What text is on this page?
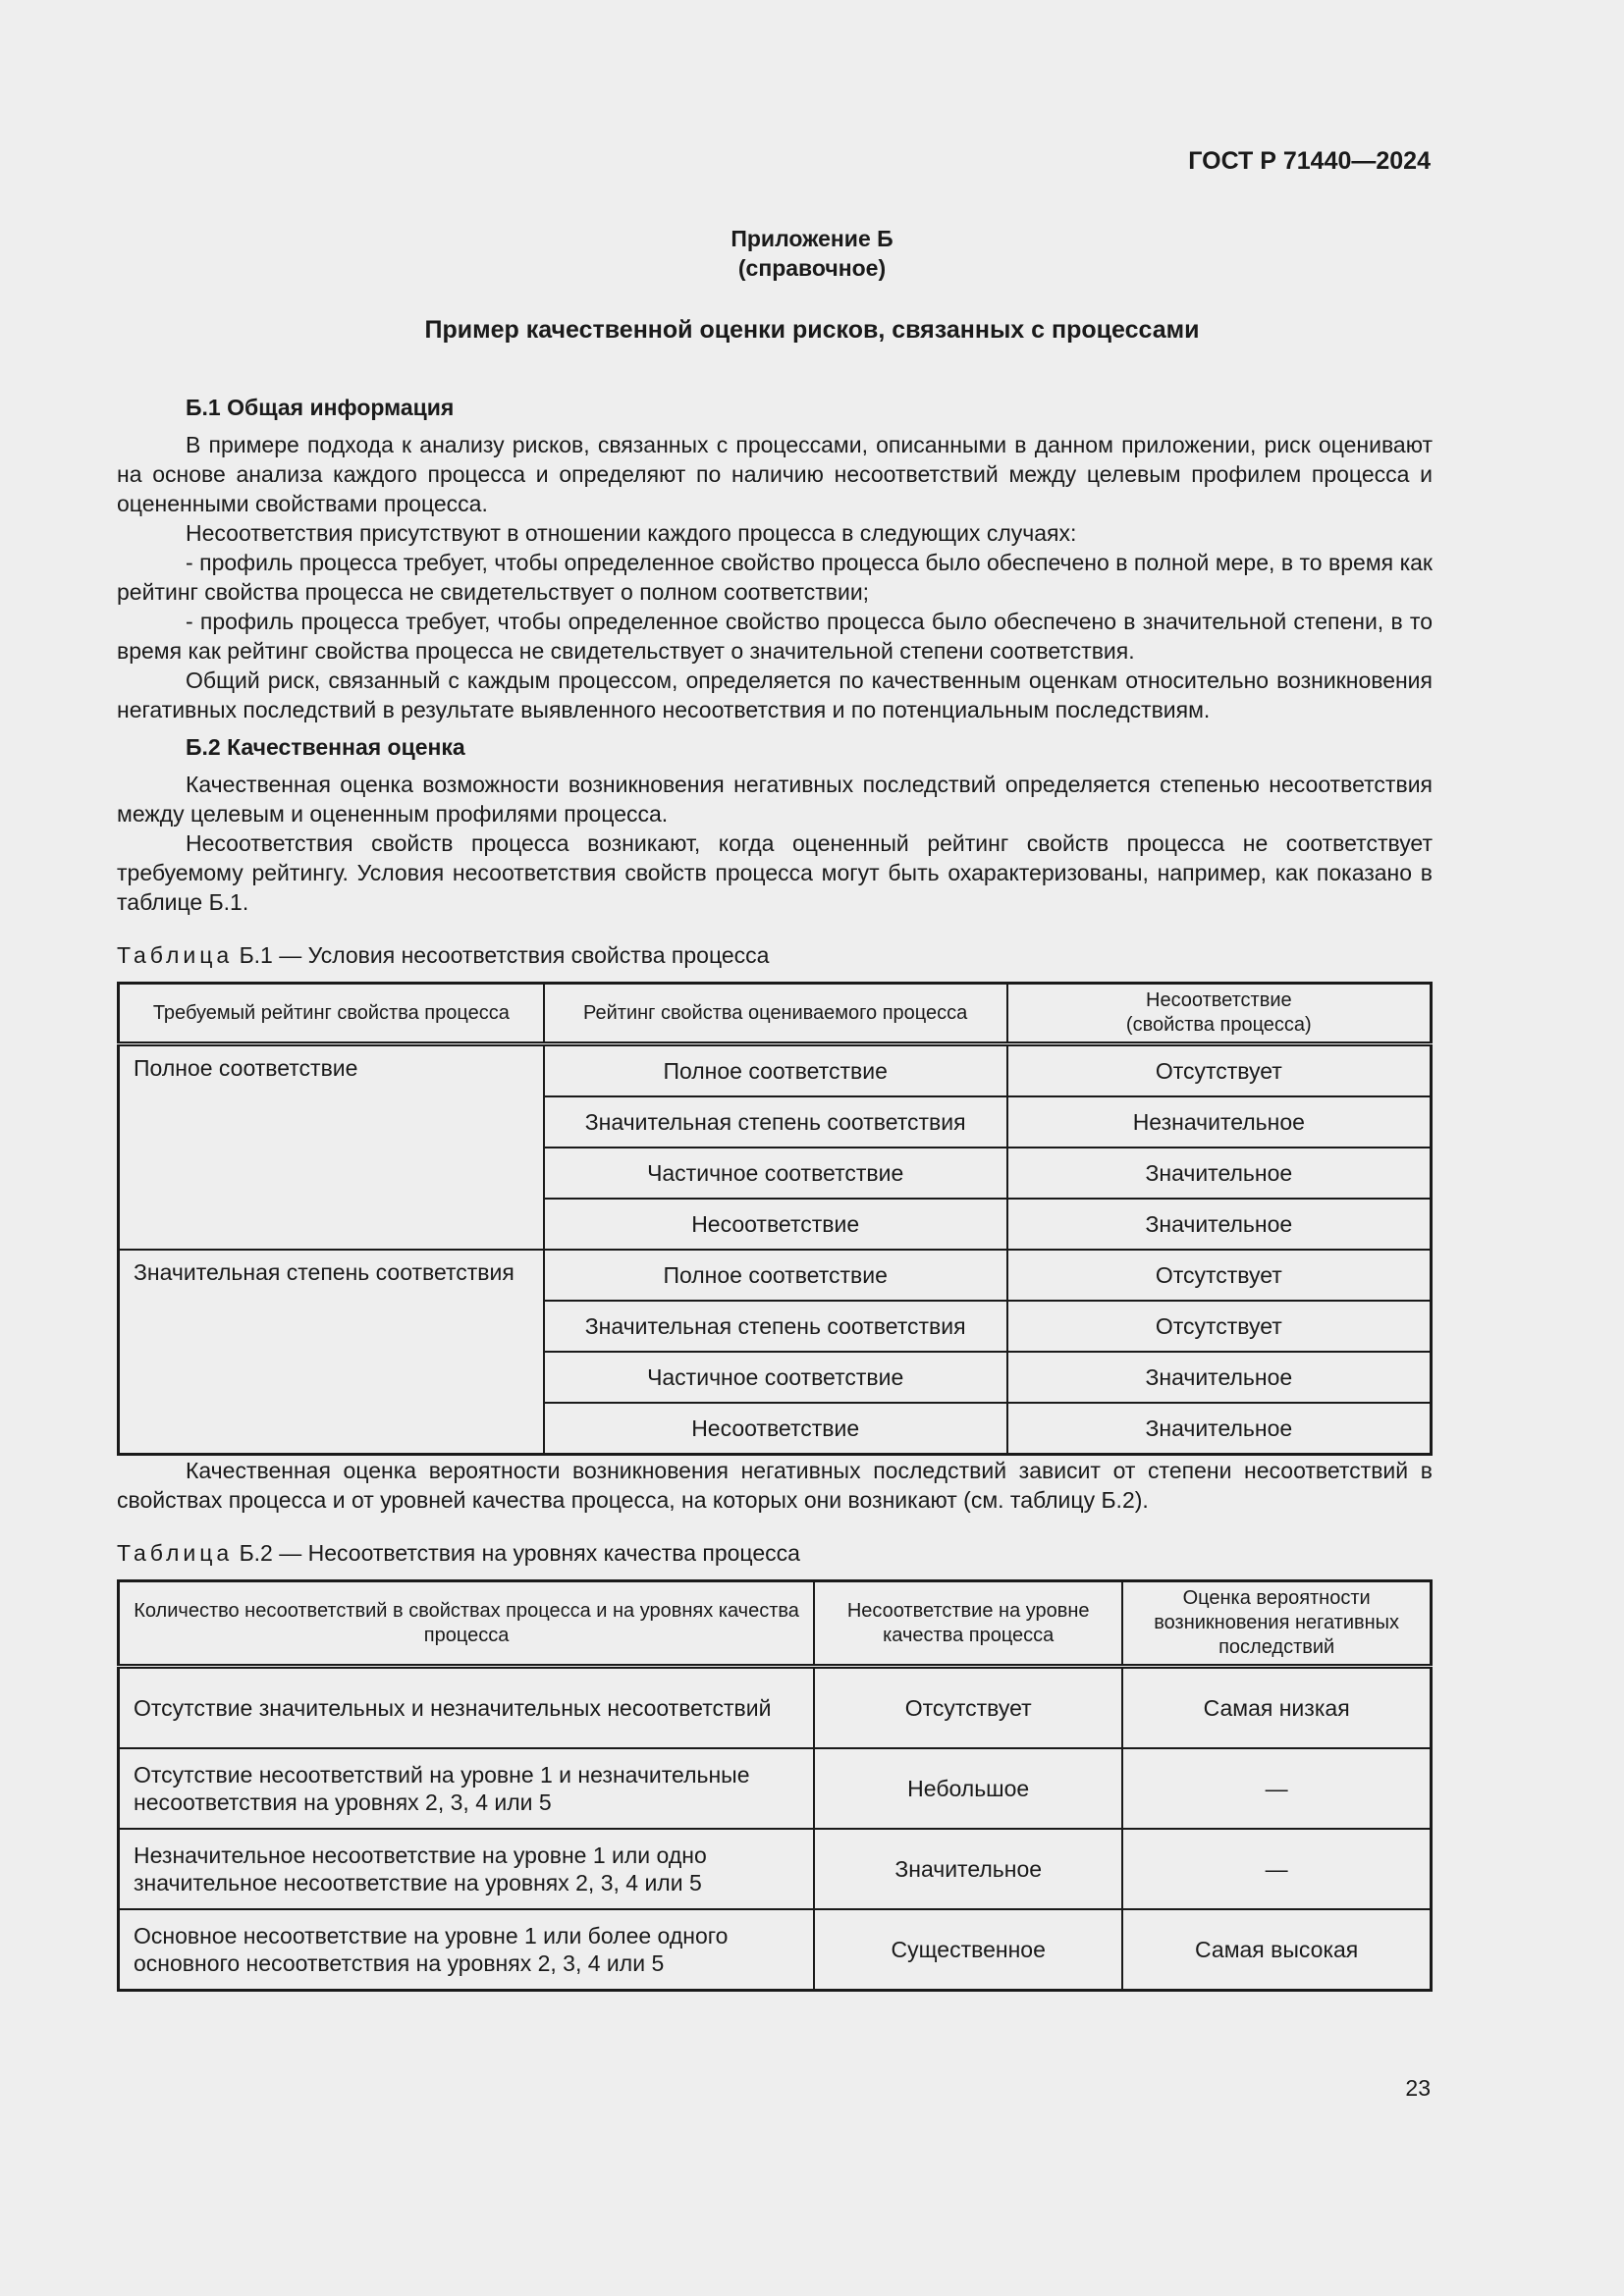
ГОСТ Р 71440—2024

Приложение Б
(справочное)

Пример качественной оценки рисков, связанных с процессами

Б.1 Общая информация

В примере подхода к анализу рисков, связанных с процессами, описанными в данном приложении, риск оценивают на основе анализа каждого процесса и определяют по наличию несоответствий между целевым профилем процесса и оцененными свойствами процесса.

Несоответствия присутствуют в отношении каждого процесса в следующих случаях:

- профиль процесса требует, чтобы определенное свойство процесса было обеспечено в полной мере, в то время как рейтинг свойства процесса не свидетельствует о полном соответствии;

- профиль процесса требует, чтобы определенное свойство процесса было обеспечено в значительной степени, в то время как рейтинг свойства процесса не свидетельствует о значительной степени соответствия.

Общий риск, связанный с каждым процессом, определяется по качественным оценкам относительно возникновения негативных последствий в результате выявленного несоответствия и по потенциальным последствиям.

Б.2 Качественная оценка

Качественная оценка возможности возникновения негативных последствий определяется степенью несоответствия между целевым и оцененным профилями процесса.

Несоответствия свойств процесса возникают, когда оцененный рейтинг свойств процесса не соответствует требуемому рейтингу. Условия несоответствия свойств процесса могут быть охарактеризованы, например, как показано в таблице Б.1.

Таблица Б.1 — Условия несоответствия свойства процесса
Требуемый рейтинг свойства процесса	Рейтинг свойства оцениваемого процесса	Несоответствие
(свойства процесса)
Полное соответствие	Полное соответствие	Отсутствует
	Значительная степень соответствия	Незначительное
	Частичное соответствие	Значительное
	Несоответствие	Значительное
Значительная степень соответствия	Полное соответствие	Отсутствует
	Значительная степень соответствия	Отсутствует
	Частичное соответствие	Значительное
	Несоответствие	Значительное

Качественная оценка вероятности возникновения негативных последствий зависит от степени несоответствий в свойствах процесса и от уровней качества процесса, на которых они возникают (см. таблицу Б.2).

Таблица Б.2 — Несоответствия на уровнях качества процесса
Количество несоответствий в свойствах процесса и на уровнях качества процесса	Несоответствие на уровне качества процесса	Оценка вероятности возникновения негативных последствий
Отсутствие значительных и незначительных несоответствий	Отсутствует	Самая низкая
Отсутствие несоответствий на уровне 1 и незначительные несоответствия на уровнях 2, 3, 4 или 5	Небольшое	—
Незначительное несоответствие на уровне 1 или одно значительное несоответствие на уровнях 2, 3, 4 или 5	Значительное	—
Основное несоответствие на уровне 1 или более одного основного несоответствия на уровнях 2, 3, 4 или 5	Существенное	Самая высокая

23
